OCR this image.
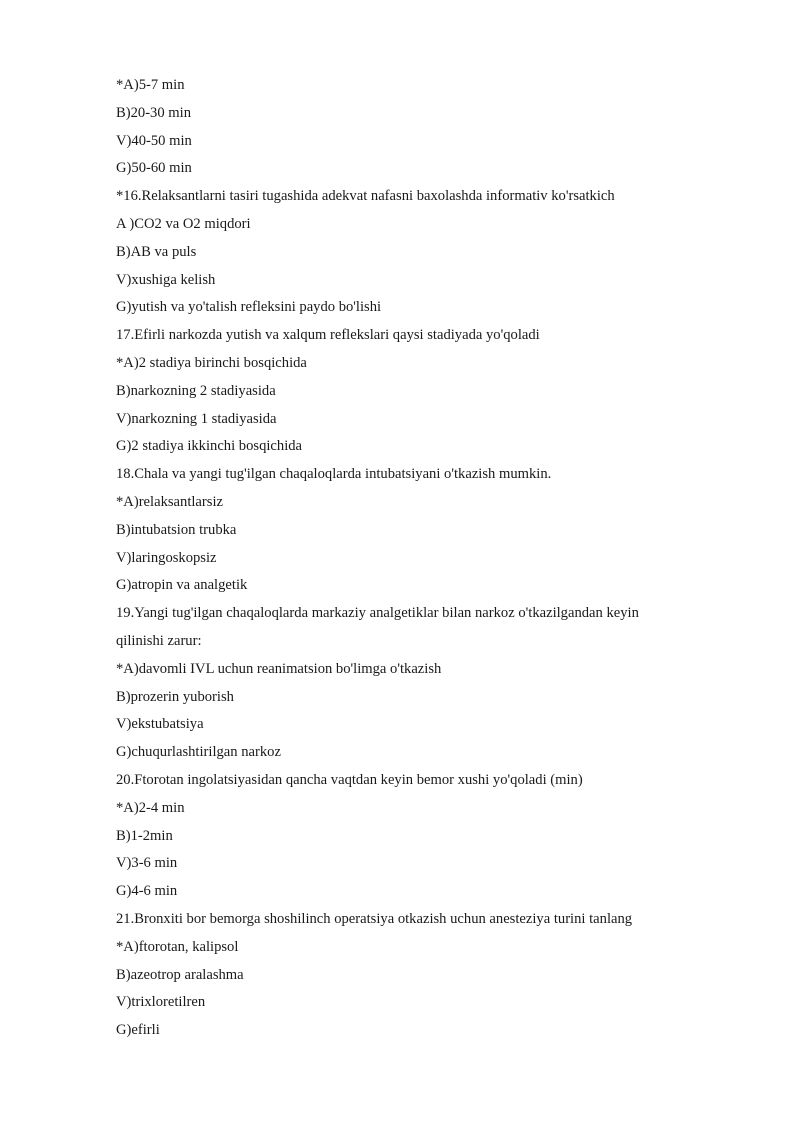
*A)5-7 min
B)20-30 min
V)40-50 min
G)50-60 min
*16.Relaksantlarni tasiri tugashida adekvat nafasni baxolashda informativ ko'rsatkich
A )CO2 va O2 miqdori
B)AB va puls
V)xushiga kelish
G)yutish va yo'talish refleksini paydo bo'lishi
17.Efirli narkozda yutish va xalqum reflekslari qaysi stadiyada yo'qoladi
*A)2 stadiya birinchi bosqichida
B)narkozning 2 stadiyasida
V)narkozning 1 stadiyasida
G)2 stadiya ikkinchi bosqichida
18.Chala va yangi tug'ilgan chaqaloqlarda intubatsiyani o'tkazish mumkin.
*A)relaksantlarsiz
B)intubatsion trubka
V)laringoskopsiz
G)atropin va analgetik
19.Yangi tug'ilgan chaqaloqlarda markaziy analgetiklar bilan narkoz o'tkazilgandan keyin
qilinishi zarur:
*A)davomli IVL uchun reanimatsion bo'limga o'tkazish
B)prozerin yuborish
V)ekstubatsiya
G)chuqurlashtirilgan narkoz
20.Ftorotan ingolatsiyasidan qancha vaqtdan keyin bemor xushi yo'qoladi (min)
*A)2-4 min
B)1-2min
V)3-6 min
G)4-6 min
21.Bronxiti bor bemorga shoshilinch operatsiya otkazish uchun anesteziya turini tanlang
*A)ftorotan, kalipsol
B)azeotrop aralashma
V)trixloretilren
G)efirli
